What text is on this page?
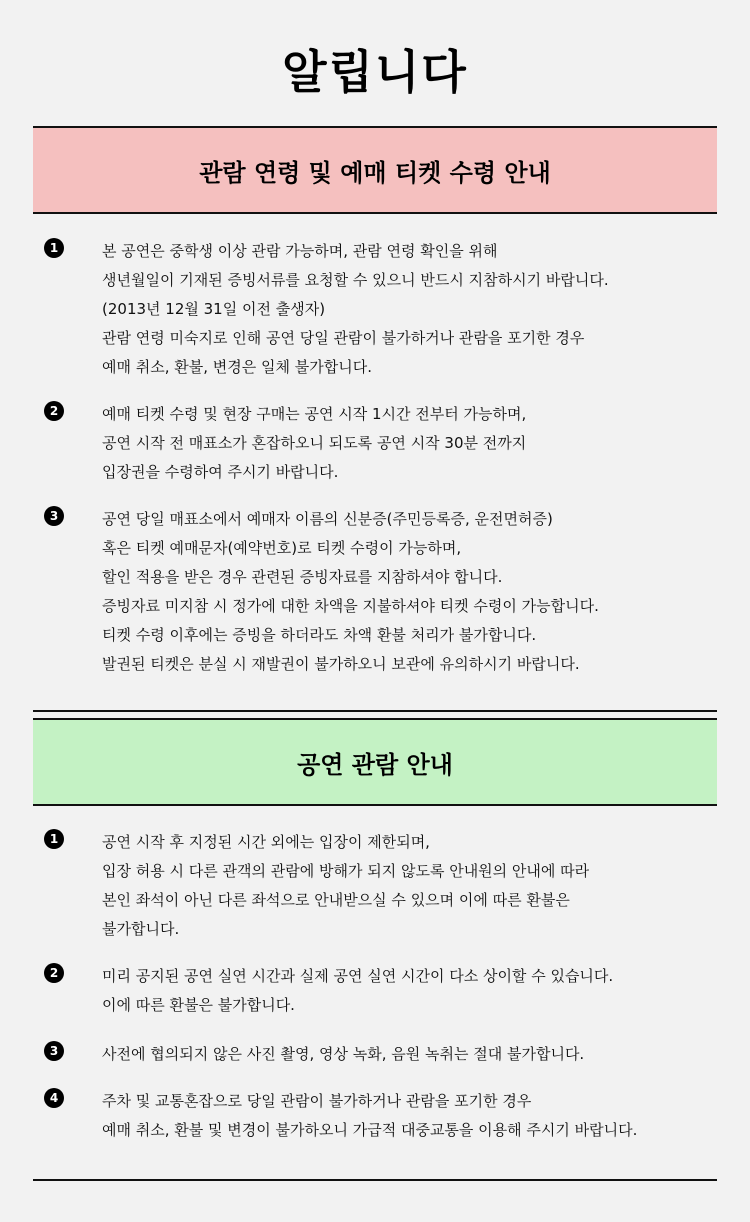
알립니다
관람 연령 및 예매 티켓 수령 안내
1	본 공연은 중학생 이상 관람 가능하며, 관람 연령 확인을 위해
생년월일이 기재된 증빙서류를 요청할 수 있으니 반드시 지참하시기 바랍니다.
(2013년 12월 31일 이전 출생자)
관람 연령 미숙지로 인해 공연 당일 관람이 불가하거나 관람을 포기한 경우
예매 취소, 환불, 변경은 일체 불가합니다.
2	예매 티켓 수령 및 현장 구매는 공연 시작 1시간 전부터 가능하며,
공연 시작 전 매표소가 혼잡하오니 되도록 공연 시작 30분 전까지
입장권을 수령하여 주시기 바랍니다.
3	공연 당일 매표소에서 예매자 이름의 신분증(주민등록증, 운전면허증)
혹은 티켓 예매문자(예약번호)로 티켓 수령이 가능하며,
할인 적용을 받은 경우 관련된 증빙자료를 지참하셔야 합니다.
증빙자료 미지참 시 정가에 대한 차액을 지불하셔야 티켓 수령이 가능합니다.
티켓 수령 이후에는 증빙을 하더라도 차액 환불 처리가 불가합니다.
발권된 티켓은 분실 시 재발권이 불가하오니 보관에 유의하시기 바랍니다.
공연 관람 안내
1	공연 시작 후 지정된 시간 외에는 입장이 제한되며,
입장 허용 시 다른 관객의 관람에 방해가 되지 않도록 안내원의 안내에 따라
본인 좌석이 아닌 다른 좌석으로 안내받으실 수 있으며 이에 따른 환불은
불가합니다.
2	미리 공지된 공연 실연 시간과 실제 공연 실연 시간이 다소 상이할 수 있습니다.
이에 따른 환불은 불가합니다.
3	사전에 협의되지 않은 사진 촬영, 영상 녹화, 음원 녹취는 절대 불가합니다.
4	주차 및 교통혼잡으로 당일 관람이 불가하거나 관람을 포기한 경우
예매 취소, 환불 및 변경이 불가하오니 가급적 대중교통을 이용해 주시기 바랍니다.
